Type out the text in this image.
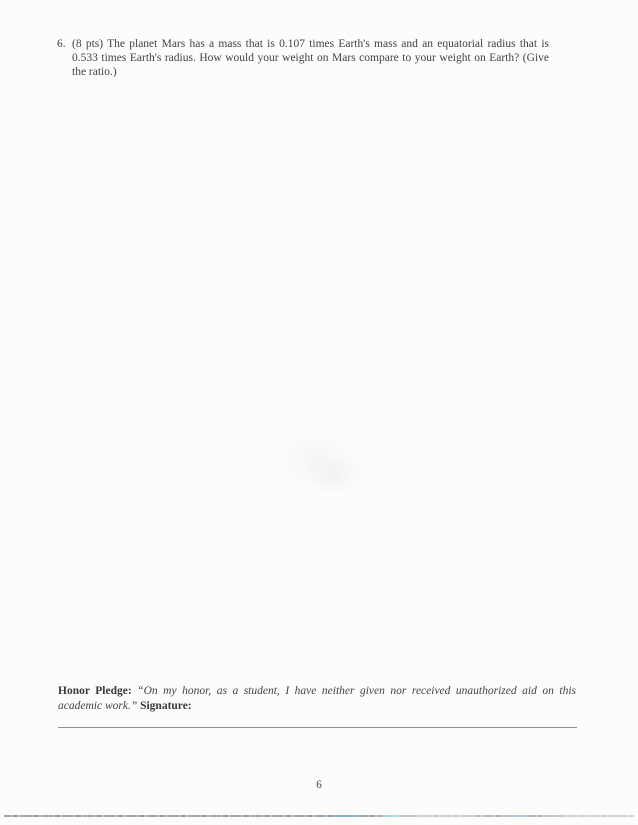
6. (8 pts) The planet Mars has a mass that is 0.107 times Earth's mass and an equatorial radius that is 0.533 times Earth's radius. How would your weight on Mars compare to your weight on Earth? (Give the ratio.)
Honor Pledge: “On my honor, as a student, I have neither given nor received unauthorized aid on this academic work.” Signature:
6
